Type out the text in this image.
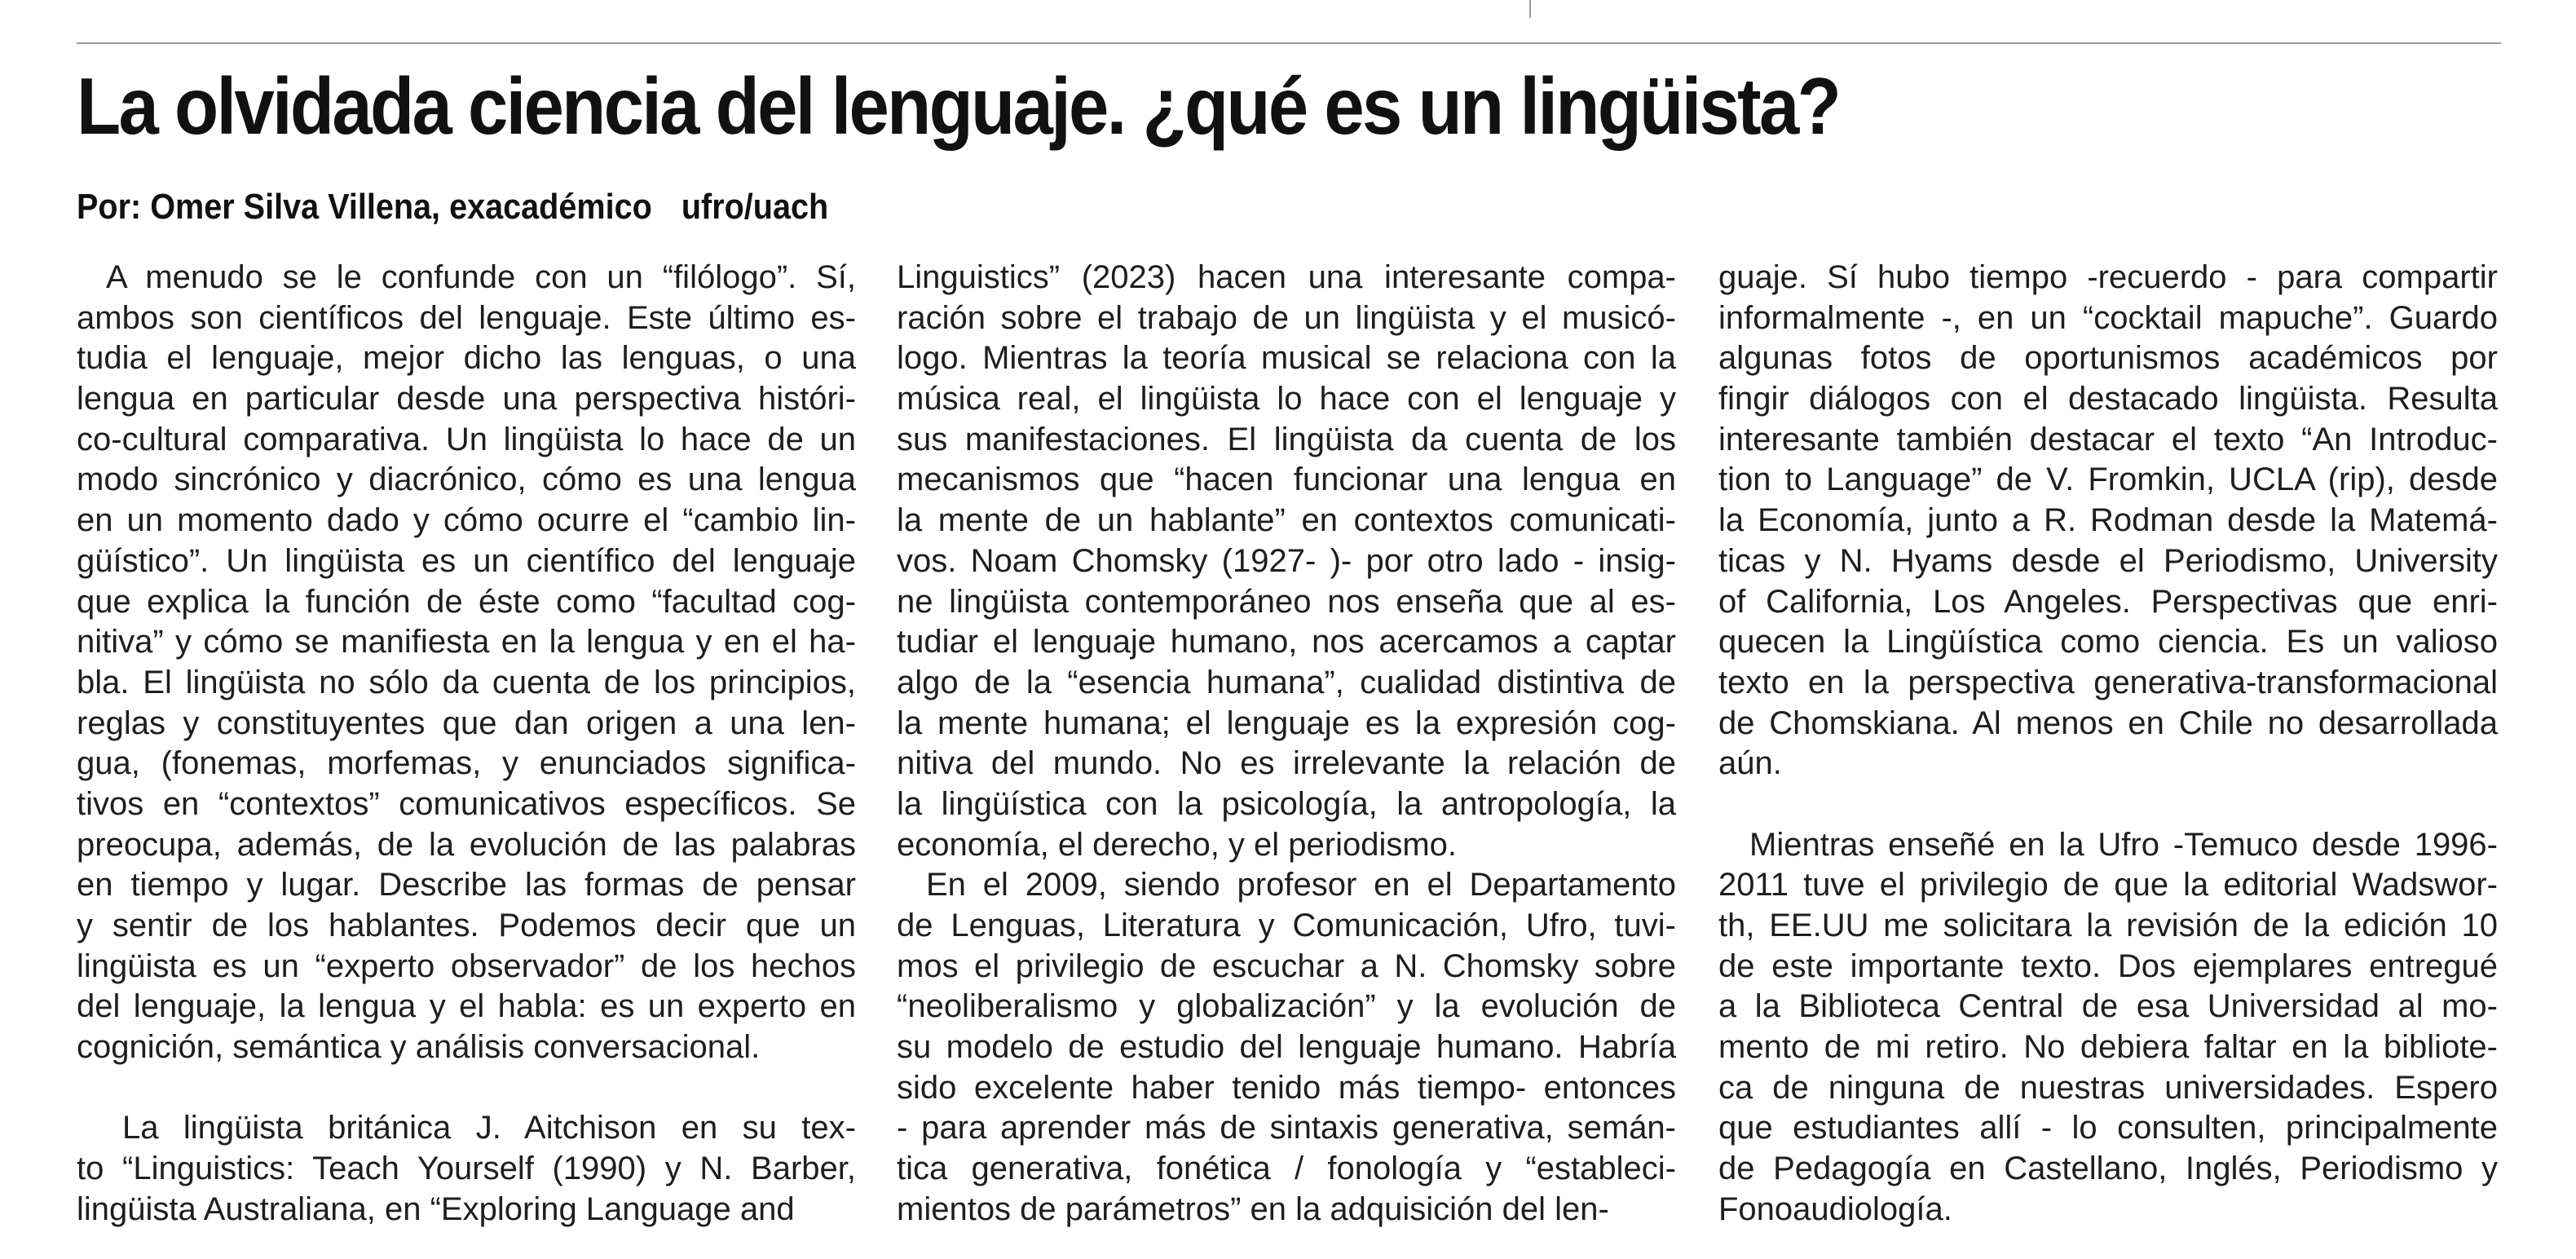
La olvidada ciencia del lenguaje. ¿qué es un lingüista?
Por: Omer Silva Villena, exacadémico ufro/uach
A menudo se le confunde con un “filólogo”. Sí,
ambos son científicos del lenguaje. Este último es-
tudia el lenguaje, mejor dicho las lenguas, o una
lengua en particular desde una perspectiva históri-
co-cultural comparativa. Un lingüista lo hace de un
modo sincrónico y diacrónico, cómo es una lengua
en un momento dado y cómo ocurre el “cambio lin-
güístico”. Un lingüista es un científico del lenguaje
que explica la función de éste como “facultad cog-
nitiva” y cómo se manifiesta en la lengua y en el ha-
bla. El lingüista no sólo da cuenta de los principios,
reglas y constituyentes que dan origen a una len-
gua, (fonemas, morfemas, y enunciados significa-
tivos en “contextos” comunicativos específicos. Se
preocupa, además, de la evolución de las palabras
en tiempo y lugar. Describe las formas de pensar
y sentir de los hablantes. Podemos decir que un
lingüista es un “experto observador” de los hechos
del lenguaje, la lengua y el habla: es un experto en
cognición, semántica y análisis conversacional.
La lingüista británica J. Aitchison en su tex-
to “Linguistics: Teach Yourself (1990) y N. Barber,
lingüista Australiana, en “Exploring Language and
Linguistics” (2023) hacen una interesante compa-
ración sobre el trabajo de un lingüista y el musicó-
logo. Mientras la teoría musical se relaciona con la
música real, el lingüista lo hace con el lenguaje y
sus manifestaciones. El lingüista da cuenta de los
mecanismos que “hacen funcionar una lengua en
la mente de un hablante” en contextos comunicati-
vos. Noam Chomsky (1927- )- por otro lado - insig-
ne lingüista contemporáneo nos enseña que al es-
tudiar el lenguaje humano, nos acercamos a captar
algo de la “esencia humana”, cualidad distintiva de
la mente humana; el lenguaje es la expresión cog-
nitiva del mundo. No es irrelevante la relación de
la lingüística con la psicología, la antropología, la
economía, el derecho, y el periodismo.
En el 2009, siendo profesor en el Departamento
de Lenguas, Literatura y Comunicación, Ufro, tuvi-
mos el privilegio de escuchar a N. Chomsky sobre
“neoliberalismo y globalización” y la evolución de
su modelo de estudio del lenguaje humano. Habría
sido excelente haber tenido más tiempo- entonces
- para aprender más de sintaxis generativa, semán-
tica generativa, fonética / fonología y “estableci-
mientos de parámetros” en la adquisición del len-
guaje. Sí hubo tiempo -recuerdo - para compartir
informalmente -, en un “cocktail mapuche”. Guardo
algunas fotos de oportunismos académicos por
fingir diálogos con el destacado lingüista. Resulta
interesante también destacar el texto “An Introduc-
tion to Language” de V. Fromkin, UCLA (rip), desde
la Economía, junto a R. Rodman desde la Matemá-
ticas y N. Hyams desde el Periodismo, University
of California, Los Angeles. Perspectivas que enri-
quecen la Lingüística como ciencia. Es un valioso
texto en la perspectiva generativa-transformacional
de Chomskiana. Al menos en Chile no desarrollada
aún.
Mientras enseñé en la Ufro -Temuco desde 1996-
2011 tuve el privilegio de que la editorial Wadswor-
th, EE.UU me solicitara la revisión de la edición 10
de este importante texto. Dos ejemplares entregué
a la Biblioteca Central de esa Universidad al mo-
mento de mi retiro. No debiera faltar en la bibliote-
ca de ninguna de nuestras universidades. Espero
que estudiantes allí - lo consulten, principalmente
de Pedagogía en Castellano, Inglés, Periodismo y
Fonoaudiología.
